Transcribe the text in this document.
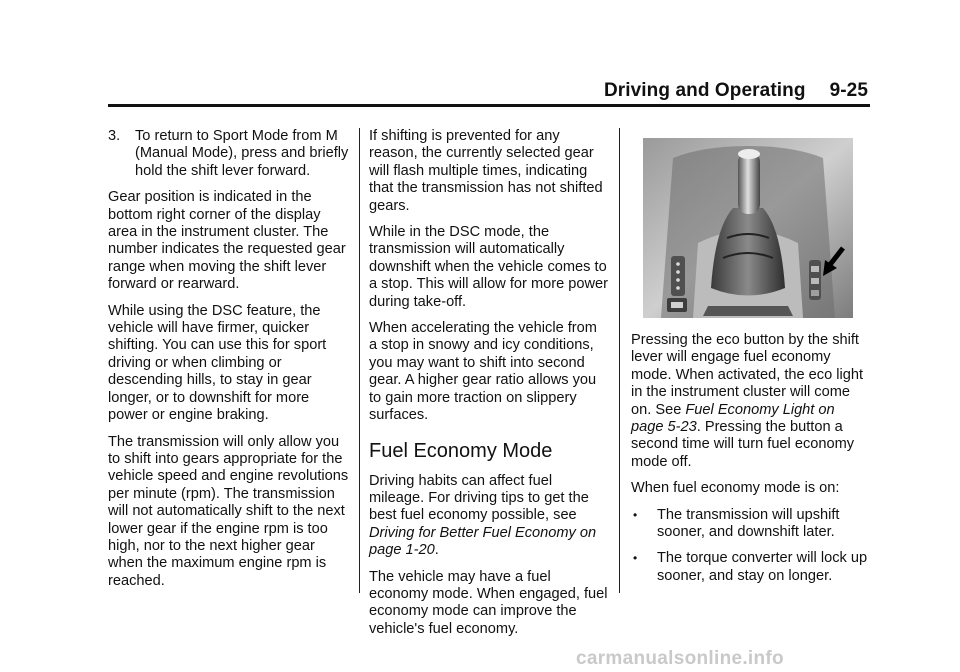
Driving and Operating 9-25

3. To return to Sport Mode from M (Manual Mode), press and briefly hold the shift lever forward.

Gear position is indicated in the bottom right corner of the display area in the instrument cluster. The number indicates the requested gear range when moving the shift lever forward or rearward.

While using the DSC feature, the vehicle will have firmer, quicker shifting. You can use this for sport driving or when climbing or descending hills, to stay in gear longer, or to downshift for more power or engine braking.

The transmission will only allow you to shift into gears appropriate for the vehicle speed and engine revolutions per minute (rpm). The transmission will not automatically shift to the next lower gear if the engine rpm is too high, nor to the next higher gear when the maximum engine rpm is reached.

If shifting is prevented for any reason, the currently selected gear will flash multiple times, indicating that the transmission has not shifted gears.

While in the DSC mode, the transmission will automatically downshift when the vehicle comes to a stop. This will allow for more power during take-off.

When accelerating the vehicle from a stop in snowy and icy conditions, you may want to shift into second gear. A higher gear ratio allows you to gain more traction on slippery surfaces.

Fuel Economy Mode

Driving habits can affect fuel mileage. For driving tips to get the best fuel economy possible, see Driving for Better Fuel Economy on page 1-20.

The vehicle may have a fuel economy mode. When engaged, fuel economy mode can improve the vehicle's fuel economy.

Pressing the eco button by the shift lever will engage fuel economy mode. When activated, the eco light in the instrument cluster will come on. See Fuel Economy Light on page 5-23. Pressing the button a second time will turn fuel economy mode off.

When fuel economy mode is on:

• The transmission will upshift sooner, and downshift later.
• The torque converter will lock up sooner, and stay on longer.
carmanualsonline.info
